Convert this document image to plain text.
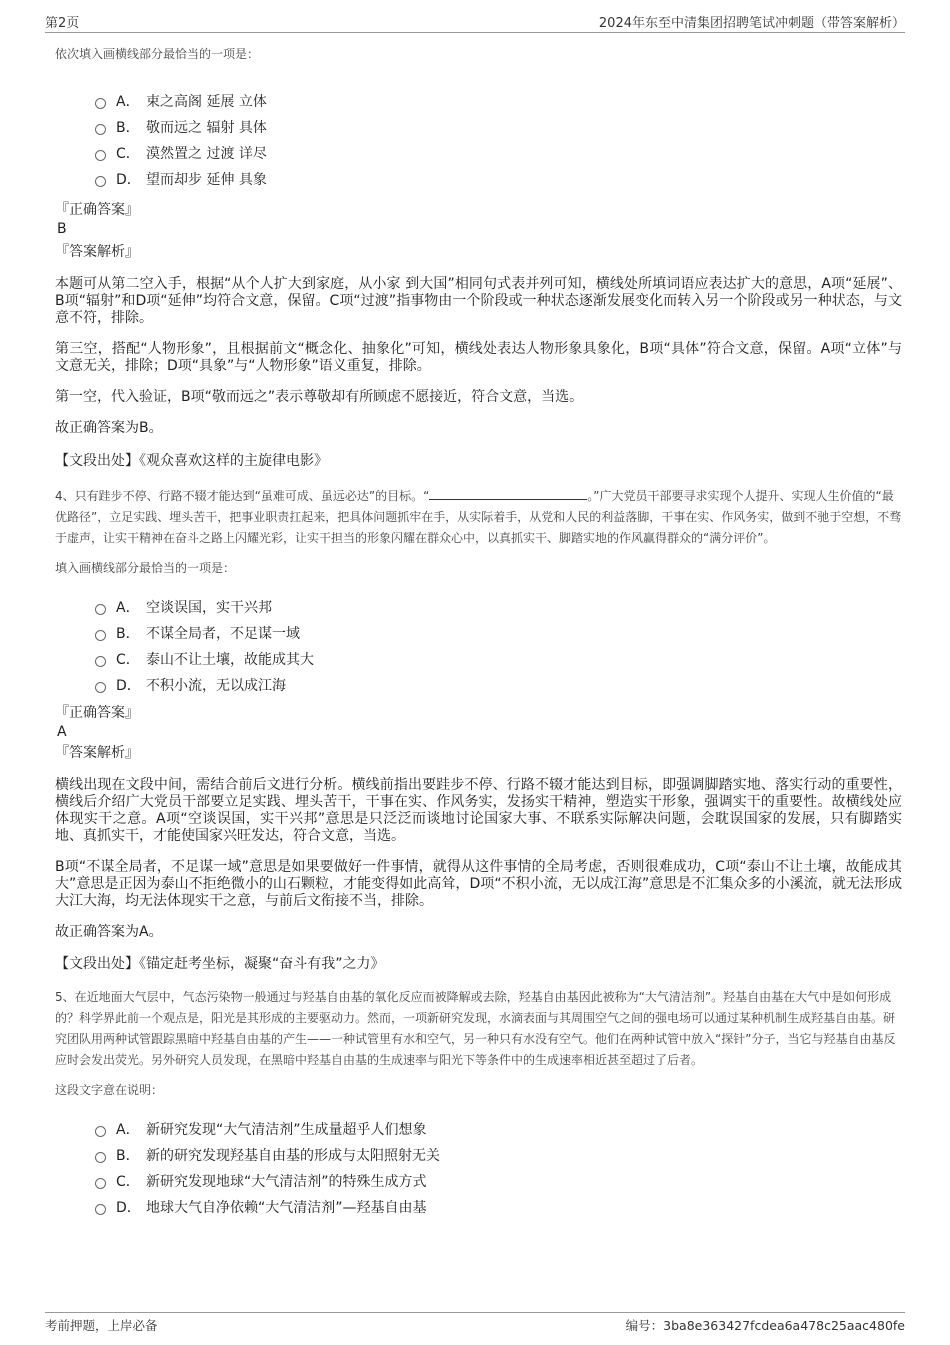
第2页	2024年东至中清集团招聘笔试冲刺题（带答案解析）

依次填入画横线部分最恰当的一项是：

A． 束之高阁 延展 立体
B． 敬而远之 辐射 具体
C． 漠然置之 过渡 详尽
D． 望而却步 延伸 具象

『正确答案』

B

『答案解析』

本题可从第二空入手，根据“从个人扩大到家庭，从小家 到大国”相同句式表并列可知，横线处所填词语应表达扩大的意思，A项“延展”、B项“辐射”和D项“延伸”均符合文意，保留。C项“过渡”指事物由一个阶段或一种状态逐渐发展变化而转入另一个阶段或另一种状态，与文意不符，排除。

第三空，搭配“人物形象”，且根据前文“概念化、抽象化”可知，横线处表达人物形象具象化，B项“具体”符合文意，保留。A项“立体”与文意无关，排除；D项“具象”与“人物形象”语义重复，排除。

第一空，代入验证，B项“敬而远之”表示尊敬却有所顾虑不愿接近，符合文意，当选。

故正确答案为B。

【文段出处】《观众喜欢这样的主旋律电影》

4、只有跬步不停、行路不辍才能达到“虽难可成、虽远必达”的目标。“	。”广大党员干部要寻求实现个人提升、实现人生价值的“最优路径”，立足实践、埋头苦干，把事业职责扛起来，把具体问题抓牢在手，从实际着手，从党和人民的利益落脚，干事在实、作风务实，做到不驰于空想，不骛于虚声，让实干精神在奋斗之路上闪耀光彩，让实干担当的形象闪耀在群众心中，以真抓实干、脚踏实地的作风赢得群众的“满分评价”。

填入画横线部分最恰当的一项是：

A． 空谈误国，实干兴邦
B． 不谋全局者，不足谋一域
C． 泰山不让土壤，故能成其大
D． 不积小流，无以成江海

『正确答案』

A

『答案解析』

横线出现在文段中间，需结合前后文进行分析。横线前指出要跬步不停、行路不辍才能达到目标，即强调脚踏实地、落实行动的重要性，横线后介绍广大党员干部要立足实践、埋头苦干，干事在实、作风务实，发扬实干精神，塑造实干形象，强调实干的重要性。故横线处应体现实干之意。A项“空谈误国，实干兴邦”意思是只泛泛而谈地讨论国家大事、不联系实际解决问题，会耽误国家的发展，只有脚踏实地、真抓实干，才能使国家兴旺发达，符合文意，当选。

B项“不谋全局者，不足谋一域”意思是如果要做好一件事情，就得从这件事情的全局考虑，否则很难成功，C项“泰山不让土壤，故能成其大”意思是正因为泰山不拒绝微小的山石颗粒，才能变得如此高耸，D项“不积小流，无以成江海”意思是不汇集众多的小溪流，就无法形成大江大海，均无法体现实干之意，与前后文衔接不当，排除。

故正确答案为A。

【文段出处】《锚定赶考坐标，凝聚“奋斗有我”之力》

5、在近地面大气层中，气态污染物一般通过与羟基自由基的氧化反应而被降解或去除，羟基自由基因此被称为“大气清洁剂”。羟基自由基在大气中是如何形成的？科学界此前一个观点是，阳光是其形成的主要驱动力。然而，一项新研究发现，水滴表面与其周围空气之间的强电场可以通过某种机制生成羟基自由基。研究团队用两种试管跟踪黑暗中羟基自由基的产生——一种试管里有水和空气，另一种只有水没有空气。他们在两种试管中放入“探针”分子，当它与羟基自由基反应时会发出荧光。另外研究人员发现，在黑暗中羟基自由基的生成速率与阳光下等条件中的生成速率相近甚至超过了后者。

这段文字意在说明：

A． 新研究发现“大气清洁剂”生成量超乎人们想象
B． 新的研究发现羟基自由基的形成与太阳照射无关
C． 新研究发现地球“大气清洁剂”的特殊生成方式
D． 地球大气自净依赖“大气清洁剂”—羟基自由基
考前押题，上岸必备	编号：3ba8e363427fcdea6a478c25aac480fe
